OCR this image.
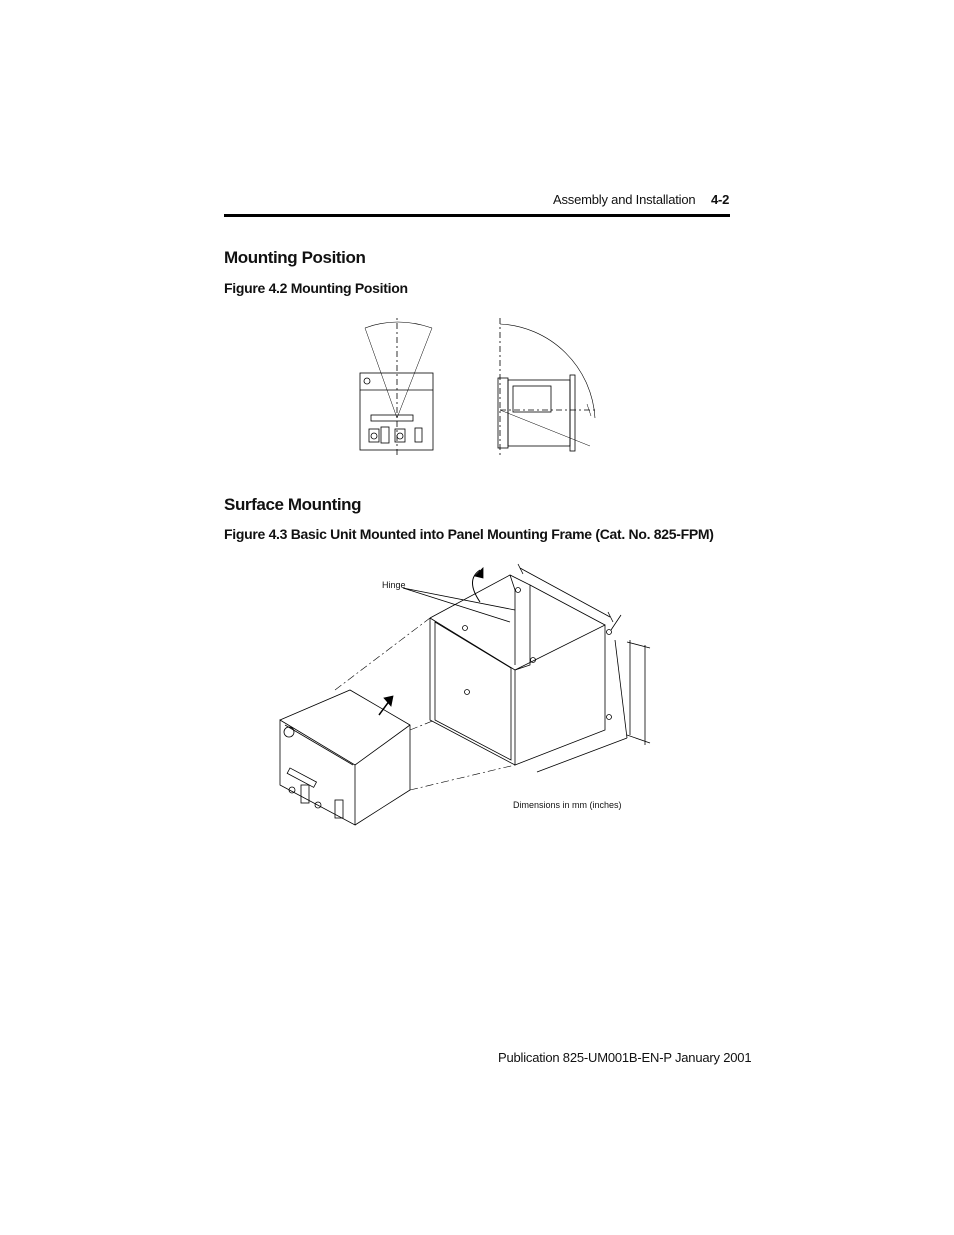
Assembly and Installation 4-2
Mounting Position
Figure 4.2 Mounting Position
Surface Mounting
Figure 4.3 Basic Unit Mounted into Panel Mounting Frame (Cat. No. 825-FPM)
Hinge
Dimensions in mm (inches)
Publication 825-UM001B-EN-P January 2001
